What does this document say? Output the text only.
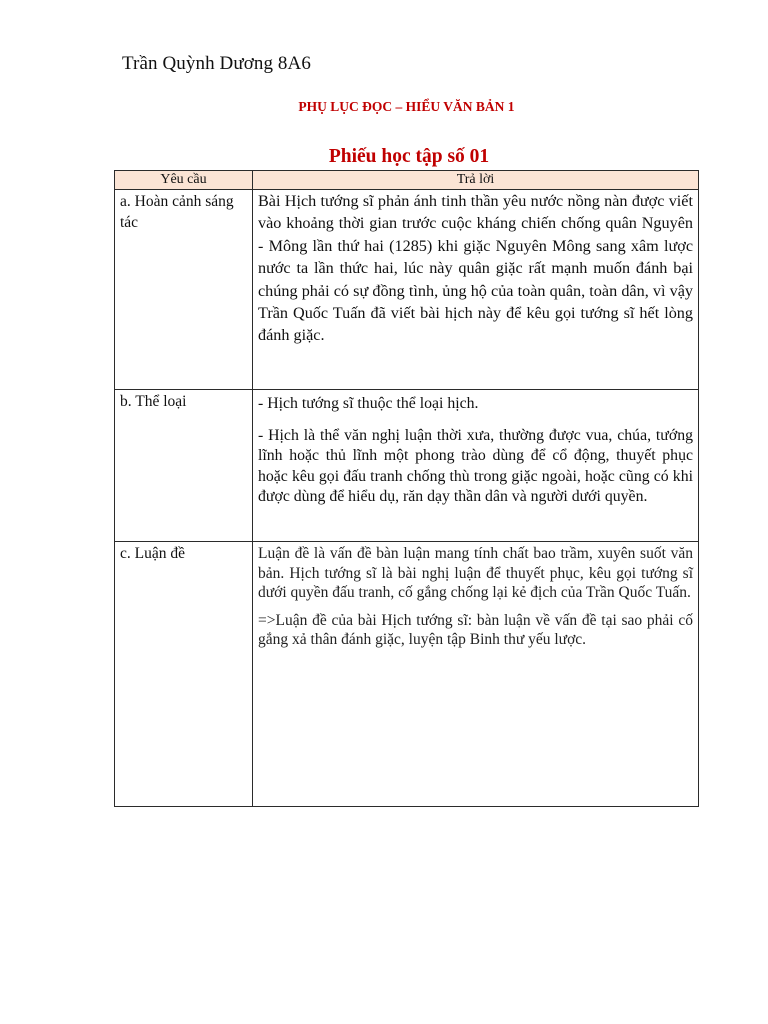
Trần Quỳnh Dương 8A6
PHỤ LỤC ĐỌC – HIỂU VĂN BẢN 1
Phiếu học tập số 01
Yêu cầu	Trả lời
a. Hoàn cảnh sáng tác	Bài Hịch tướng sĩ phản ánh tinh thần yêu nước nồng nàn được viết vào khoảng thời gian trước cuộc kháng chiến chống quân Nguyên - Mông lần thứ hai (1285) khi giặc Nguyên Mông sang xâm lược nước ta lần thức hai, lúc này quân giặc rất mạnh muốn đánh bại chúng phải có sự đồng tình, ủng hộ của toàn quân, toàn dân, vì vậy Trần Quốc Tuấn đã viết bài hịch này để kêu gọi tướng sĩ hết lòng đánh giặc.

b. Thể loại	- Hịch tướng sĩ thuộc thể loại hịch.

- Hịch là thể văn nghị luận thời xưa, thường được vua, chúa, tướng lĩnh hoặc thủ lĩnh một phong trào dùng để cổ động, thuyết phục hoặc kêu gọi đấu tranh chống thù trong giặc ngoài, hoặc cũng có khi được dùng để hiểu dụ, răn dạy thần dân và người dưới quyền.

c. Luận đề	Luận đề là vấn đề bàn luận mang tính chất bao trầm, xuyên suốt văn bản. Hịch tướng sĩ là bài nghị luận để thuyết phục, kêu gọi tướng sĩ dưới quyền đấu tranh, cố gắng chống lại kẻ địch của Trần Quốc Tuấn.

=>Luận đề của bài Hịch tướng sĩ: bàn luận về vấn đề tại sao phải cố gắng xả thân đánh giặc, luyện tập Binh thư yếu lược.
